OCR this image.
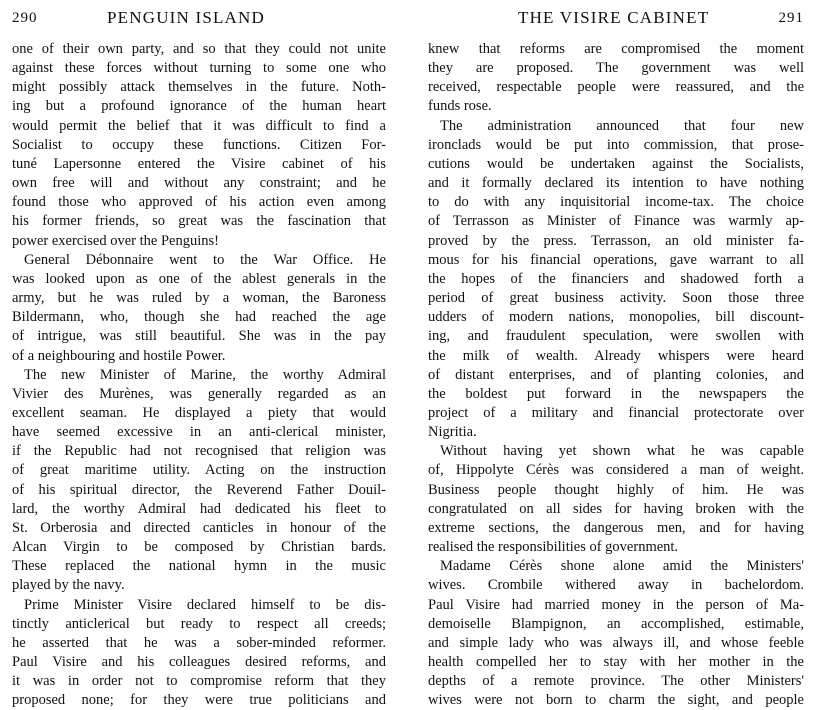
290	PENGUIN ISLAND
one of their own party, and so that they could not unite
against these forces without turning to some one who
might possibly attack themselves in the future. Noth-
ing but a profound ignorance of the human heart
would permit the belief that it was difficult to find a
Socialist to occupy these functions. Citizen For-
tuné Lapersonne entered the Visire cabinet of his
own free will and without any constraint; and he
found those who approved of his action even among
his former friends, so great was the fascination that
power exercised over the Penguins!
General Débonnaire went to the War Office. He
was looked upon as one of the ablest generals in the
army, but he was ruled by a woman, the Baroness
Bildermann, who, though she had reached the age
of intrigue, was still beautiful. She was in the pay
of a neighbouring and hostile Power.
The new Minister of Marine, the worthy Admiral
Vivier des Murènes, was generally regarded as an
excellent seaman. He displayed a piety that would
have seemed excessive in an anti-clerical minister,
if the Republic had not recognised that religion was
of great maritime utility. Acting on the instruction
of his spiritual director, the Reverend Father Douil-
lard, the worthy Admiral had dedicated his fleet to
St. Orberosia and directed canticles in honour of the
Alcan Virgin to be composed by Christian bards.
These replaced the national hymn in the music
played by the navy.
Prime Minister Visire declared himself to be dis-
tinctly anticlerical but ready to respect all creeds;
he asserted that he was a sober-minded reformer.
Paul Visire and his colleagues desired reforms, and
it was in order not to compromise reform that they
proposed none; for they were true politicians and
THE VISIRE CABINET	291
knew that reforms are compromised the moment
they are proposed. The government was well
received, respectable people were reassured, and the
funds rose.
The administration announced that four new
ironclads would be put into commission, that prose-
cutions would be undertaken against the Socialists,
and it formally declared its intention to have nothing
to do with any inquisitorial income-tax. The choice
of Terrasson as Minister of Finance was warmly ap-
proved by the press. Terrasson, an old minister fa-
mous for his financial operations, gave warrant to all
the hopes of the financiers and shadowed forth a
period of great business activity. Soon those three
udders of modern nations, monopolies, bill discount-
ing, and fraudulent speculation, were swollen with
the milk of wealth. Already whispers were heard
of distant enterprises, and of planting colonies, and
the boldest put forward in the newspapers the
project of a military and financial protectorate over
Nigritia.
Without having yet shown what he was capable
of, Hippolyte Cérès was considered a man of weight.
Business people thought highly of him. He was
congratulated on all sides for having broken with the
extreme sections, the dangerous men, and for having
realised the responsibilities of government.
Madame Cérès shone alone amid the Ministers'
wives. Crombile withered away in bachelordom.
Paul Visire had married money in the person of Ma-
demoiselle Blampignon, an accomplished, estimable,
and simple lady who was always ill, and whose feeble
health compelled her to stay with her mother in the
depths of a remote province. The other Ministers'
wives were not born to charm the sight, and people
